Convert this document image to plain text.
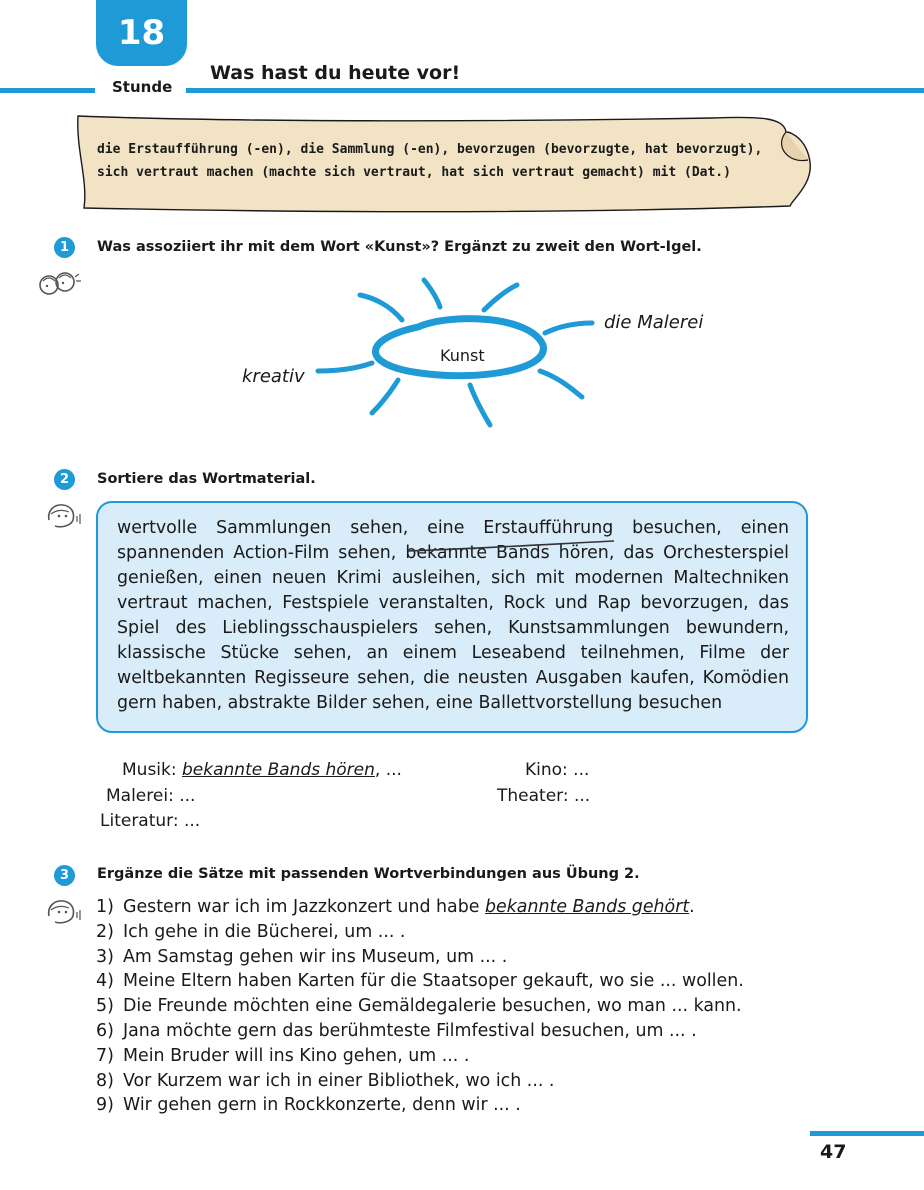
18
Stunde
Was hast du heute vor!
die Erstaufführung (-en), die Sammlung (-en), bevorzugen (bevorzugte, hat bevorzugt),
sich vertraut machen (machte sich vertraut, hat sich vertraut gemacht) mit (Dat.)
1 Was assoziiert ihr mit dem Wort «Kunst»? Ergänzt zu zweit den Wort-Igel.
Kunst
die Malerei
kreativ
2 Sortiere das Wortmaterial.
wertvolle Sammlungen sehen, eine Erstaufführung besuchen, einen spannenden Action-Film sehen, bekannte Bands hören, das Orchesterspiel genießen, einen neuen Krimi ausleihen, sich mit modernen Maltechniken vertraut machen, Festspiele veranstalten, Rock und Rap bevorzugen, das Spiel des Lieblingsschauspielers sehen, Kunstsammlungen bewundern, klassische Stücke sehen, an einem Leseabend teilnehmen, Filme der weltbekannten Regisseure sehen, die neusten Ausgaben kaufen, Komödien gern haben, abstrakte Bilder sehen, eine Ballettvorstellung besuchen
Musik: bekannte Bands hören, ...
Malerei: ...
Literatur: ...
Kino: ...
Theater: ...
3 Ergänze die Sätze mit passenden Wortverbindungen aus Übung 2.
1) Gestern war ich im Jazzkonzert und habe bekannte Bands gehört.
2) Ich gehe in die Bücherei, um ... .
3) Am Samstag gehen wir ins Museum, um ... .
4) Meine Eltern haben Karten für die Staatsoper gekauft, wo sie ... wollen.
5) Die Freunde möchten eine Gemäldegalerie besuchen, wo man ... kann.
6) Jana möchte gern das berühmteste Filmfestival besuchen, um ... .
7) Mein Bruder will ins Kino gehen, um ... .
8) Vor Kurzem war ich in einer Bibliothek, wo ich ... .
9) Wir gehen gern in Rockkonzerte, denn wir ... .
47
